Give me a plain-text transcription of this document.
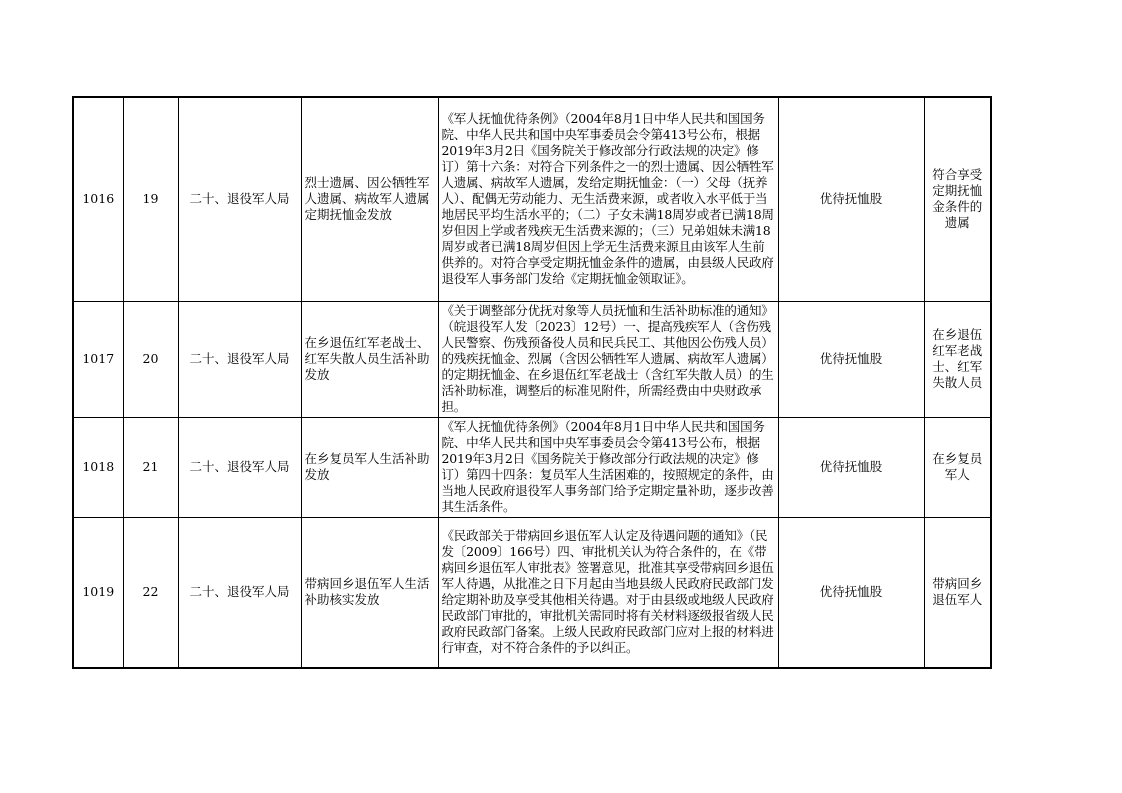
1016	19	二十、退役军人局	烈士遗属、因公牺牲军人遗属、病故军人遗属定期抚恤金发放	《军人抚恤优待条例》（2004年8月1日中华人民共和国国务院、中华人民共和国中央军事委员会令第413号公布，根据2019年3月2日《国务院关于修改部分行政法规的决定》修订）第十六条：对符合下列条件之一的烈士遗属、因公牺牲军人遗属、病故军人遗属，发给定期抚恤金：（一）父母（抚养人）、配偶无劳动能力、无生活费来源，或者收入水平低于当地居民平均生活水平的；（二）子女未满18周岁或者已满18周岁但因上学或者残疾无生活费来源的；（三）兄弟姐妹未满18周岁或者已满18周岁但因上学无生活费来源且由该军人生前供养的。对符合享受定期抚恤金条件的遗属，由县级人民政府退役军人事务部门发给《定期抚恤金领取证》。	优待抚恤股	符合享受定期抚恤金条件的遗属
1017	20	二十、退役军人局	在乡退伍红军老战士、红军失散人员生活补助发放	《关于调整部分优抚对象等人员抚恤和生活补助标准的通知》（皖退役军人发〔2023〕12号）一、提高残疾军人（含伤残人民警察、伤残预备役人员和民兵民工、其他因公伤残人员）的残疾抚恤金、烈属（含因公牺牲军人遗属、病故军人遗属）的定期抚恤金、在乡退伍红军老战士（含红军失散人员）的生活补助标准，调整后的标准见附件，所需经费由中央财政承担。	优待抚恤股	在乡退伍红军老战士、红军失散人员
1018	21	二十、退役军人局	在乡复员军人生活补助发放	《军人抚恤优待条例》（2004年8月1日中华人民共和国国务院、中华人民共和国中央军事委员会令第413号公布，根据2019年3月2日《国务院关于修改部分行政法规的决定》修订）第四十四条：复员军人生活困难的，按照规定的条件，由当地人民政府退役军人事务部门给予定期定量补助，逐步改善其生活条件。	优待抚恤股	在乡复员军人
1019	22	二十、退役军人局	带病回乡退伍军人生活补助核实发放	《民政部关于带病回乡退伍军人认定及待遇问题的通知》（民发〔2009〕166号）四、审批机关认为符合条件的，在《带病回乡退伍军人审批表》签署意见，批准其享受带病回乡退伍军人待遇，从批准之日下月起由当地县级人民政府民政部门发给定期补助及享受其他相关待遇。对于由县级或地级人民政府民政部门审批的，审批机关需同时将有关材料逐级报省级人民政府民政部门备案。上级人民政府民政部门应对上报的材料进行审查，对不符合条件的予以纠正。	优待抚恤股	带病回乡退伍军人
